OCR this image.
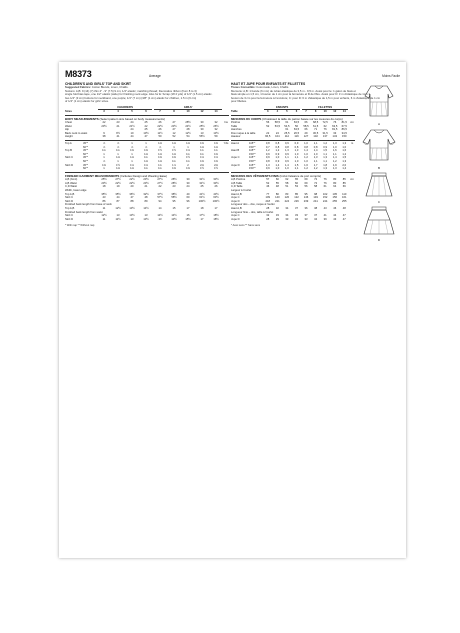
M8373	Average	Moins Facile
CHILDREN'S AND GIRLS' TOP AND SKIRT
Suggested Fabrics: Cotton Blends, Linen, Challis.
Notions: A,B: 9 (14) (7) thin 4" - 9" (7.5) 9 cm; 1/4" elastic; matching thread; Decorative ribbon (from 8 to 3)
single fold bias tape, one 1/2" elastic (wide) for finishing neck edge. Also for E: Scrap (18 2 yds) of 1/4" (1.5 cm) elastic.
two 1/4" (3 cm) buttons for neckband, one purple; 1/4" (7 cm) (3/8" (1 cm) elastic for children, 1.5 in (6 cm)
of 1/4" (1 cm) elastic for girls' sizes.
CHILDREN'S	GIRLS'
Sizes	3	4	5	6	7	8	10	12	14
BODY MEASUREMENTS (Select pattern size based on body measurements)
Chest	22	23	24	25	26	27	28½	30	32	Ins
Waist	20½	21	21½	22	22½	23½	24½	25½	26½
Hip	24	25	26	27	28	30	32
Back neck to waist	9	9½	10	10½	11½	12	12½	13	13½
Height	38	41	44	47	50	52	54	56½	59
Top A	45"*	⅞	⅞	1	1	1⅛	1⅛	1⅛	1⅜	1⅜	Yds
60"*	⅞	⅞	⅞	⅞	⅞	1	1	1⅛	1⅛
Top B	45"*	1¼	1¼	1⅜	1⅜	1½	1½	1⅝	1¾	1¾
60"*	1	1	1	1⅛	1⅛	1⅛	1¼	1¼	1⅜
Skirt C	45"*	1	1⅛	1⅛	1¼	1⅜	1⅜	1½	1⅝	1⅝
60"*	⅞	1	1	1⅛	1⅛	1¼	1¼	1⅜	1⅜
Skirt D	45"*	1⅜	1½	1⅝	1⅝	1¾	1⅞	2	2⅛	2⅛
60"*	1	1⅛	1⅛	1¼	1¼	1⅜	1⅜	1½	1½
FINISHED GARMENT MEASUREMENTS (Includes Design and Wearing Ease)
A,B (front)	25½	27½	22½	23½	27½	28½	30	31½	33½
A,B Waist	20½	22½	22½	23½	27½	28½	30	31½	33½
C,D Waist	18	19	20	21	22	23	24	25	26
Width, lower edge
Top A,B	35½	35½	36½	32½	37½	38½	40	41½	43½
Skirt C	43	44	47	48	57½	58½	60	61½	63½
Skirt D	86	87	88	89	94	95	96	100½	100½
Finished back length from base of neck
Top A,B	11	12½	13½	14½	14	15	17	18	17
Finished back length from waist
Skirt C	12½	13	13½	13	14½	14½	16	17½	18½
Skirt D	11	11½	13	13½	13	13½	15½	17	18½
* With nap ** Without nap
HAUT ET JUPE POUR ENFANTS ET FILLETTES
Tissus Conseillés: Cotonnade, Linon, Challis.
Mercerie: A,B: 1 bande (6 mm) de ruban élastique de 3,5 m - 9,5 m. Aussi pour le: 1 galon de biais et
biais simple en 1,5 cm, 1 bouton de 1 cm pour la fermeture et fil de fibre. Aussi pour D: 3 m d'élastique de 1cm 1
bouton de 3 cm pour la fermeture à l'encolure; C: pour D: 6 m d'élastique de 1,5 m pour enfants, 6 m d'élastique de 1 cm
pour fillettes.
ENFANTS	FILLETTES
Taille	3	4	5	6	7	8	10	12	14
MESURES DU CORPS (Choisissez la taille du patron basée sur les mesures du corps)
Poitrine	56	58,5	61	63,5	66	68,5	72,5	76	81,5	cm
Taille	52	53,5	54,5	56	58,5	61,5	62	63,5	67,5
Hanches	61	63,5	66	71	76	81,5	86,5
Dos nuque à la taille	22	24	25,5	26,5	29	30,5	31,5	33	34,5
Hauteur	96,5	104	112	119	127	132	137	143	150
Haut A	115"*	0,8	0,8	0,9	0,9	1,0	1,1	1,2	1,3	1,3	m
150"*	0,7	0,8	0,8	0,8	0,8	0,8	0,9	1,0	1,0
Haut B	115"*	1,2	1,2	1,3	1,3	1,4	1,4	1,5	1,6	1,6
150"*	0,9	0,9	0,9	1,0	1,0	1,0	1,1	1,1	1,2
Jupe C	115"*	0,9	1,0	1,1	1,1	1,2	1,3	1,3	1,4	1,5
150"*	0,8	0,9	0,9	1,0	1,0	1,1	1,1	1,2	1,3
Jupe D	115"*	1,3	1,4	1,4	1,5	1,6	1,7	1,8	1,9	2,0
150"*	0,9	1,0	1,0	1,1	1,2	1,2	1,3	1,3	1,4
MESURES DES VÊTEMENTS FINIS (Inclut l'aisance de port compris)
A,B Poitrine	57	60	62	65	69	72	76	80	85	cm
A,B Taille	52	55	58	60	69	72	76	80	85
C,D Taille	46	48	51	53	56	58	61	64	66
Largeur à l'ourlet
Haut A,B	77	80	83	85	95	98	102	105	110
Jupe C	109	140	120	122	146	149	152	156	161
Jupe D	218	221	224	226	239	241	244	255	255
Longueur dos – dos, nuque à l'ourlet
Haut A,B	28	32	34	37	36	38	43	46	48
Longueur finie – dos, taille à l'ourlet
Jupe C	32	33	34	33	37	37	41	44	47
Jupe D	28	29	33	34	33	34	39	43	47
* Avec sens ** Sans sens
A
B
C
D
